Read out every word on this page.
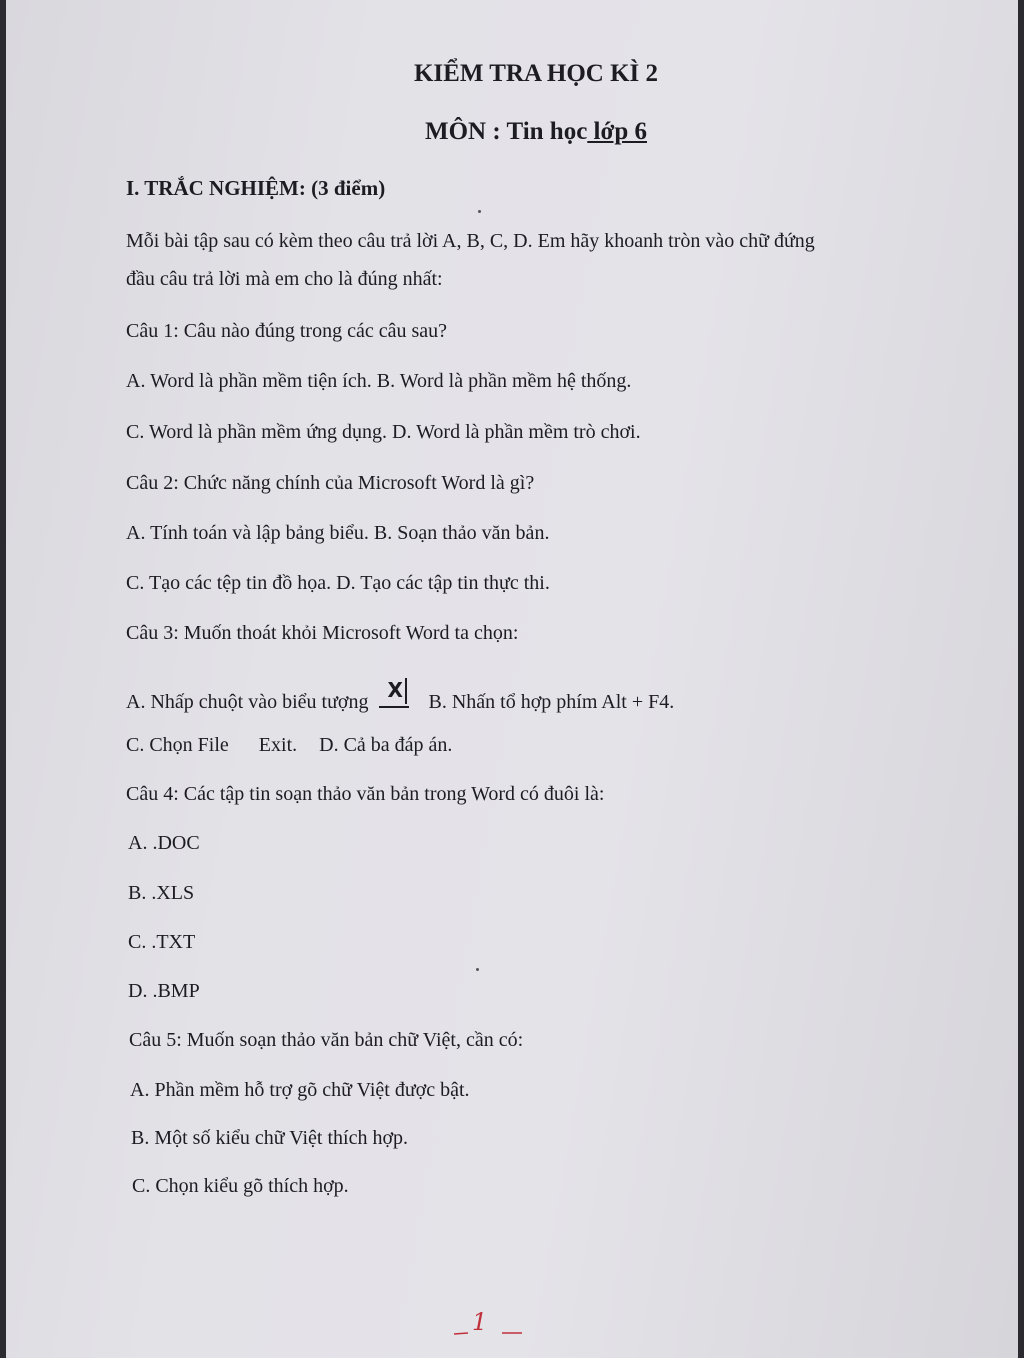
KIỂM TRA HỌC KÌ 2
MÔN : Tin học lớp 6
I. TRẮC NGHIỆM: (3 điểm)
Mỗi bài tập sau có kèm theo câu trả lời A, B, C, D. Em hãy khoanh tròn vào chữ đứng
đầu câu trả lời mà em cho là đúng nhất:
Câu 1: Câu nào đúng trong các câu sau?
A. Word là phần mềm tiện ích. B. Word là phần mềm hệ thống.
C. Word là phần mềm ứng dụng. D. Word là phần mềm trò chơi.
Câu 2: Chức năng chính của Microsoft Word là gì?
A. Tính toán và lập bảng biểu. B. Soạn thảo văn bản.
C. Tạo các tệp tin đồ họa. D. Tạo các tập tin thực thi.
Câu 3: Muốn thoát khỏi Microsoft Word ta chọn:
A. Nhấp chuột vào biểu tượng X B. Nhấn tổ hợp phím Alt + F4.
C. Chọn File Exit. D. Cả ba đáp án.
Câu 4: Các tập tin soạn thảo văn bản trong Word có đuôi là:
A. .DOC
B. .XLS
C. .TXT
D. .BMP
Câu 5: Muốn soạn thảo văn bản chữ Việt, cần có:
A. Phần mềm hỗ trợ gõ chữ Việt được bật.
B. Một số kiểu chữ Việt thích hợp.
C. Chọn kiểu gõ thích hợp.
1
